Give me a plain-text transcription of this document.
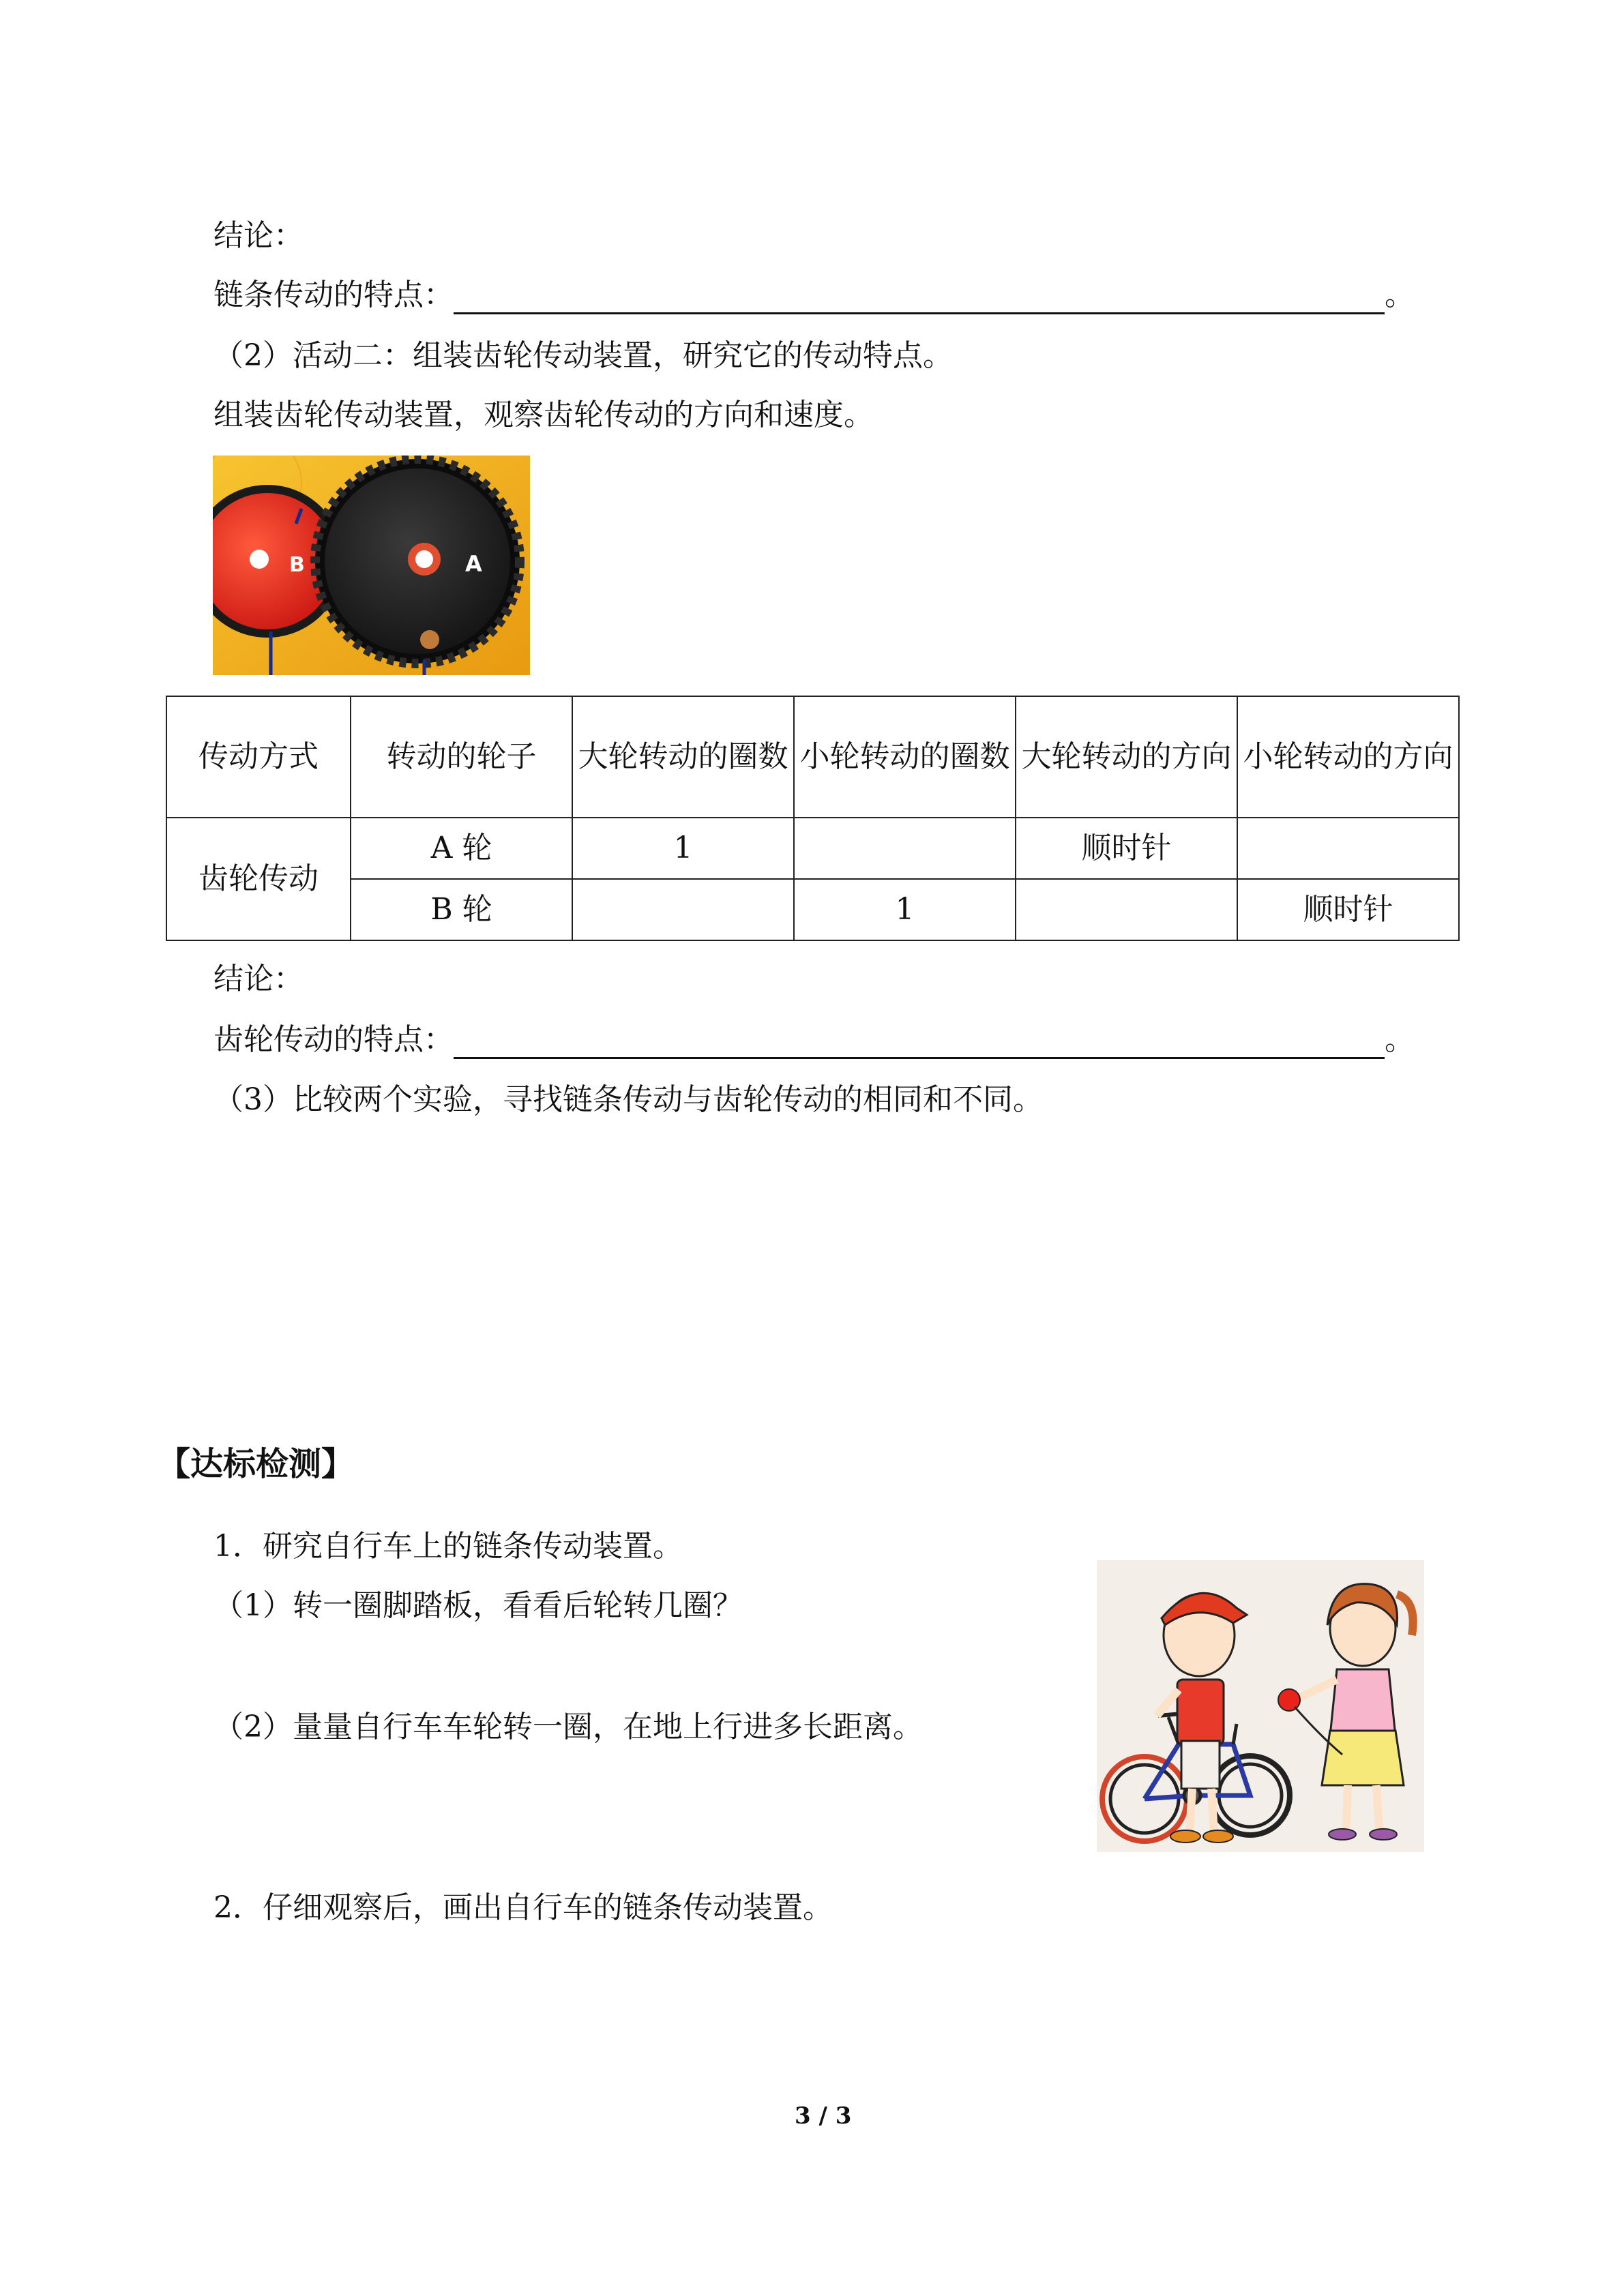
结论：
链条传动的特点：	。
（2）活动二：组装齿轮传动装置，研究它的传动特点。
组装齿轮传动装置，观察齿轮传动的方向和速度。
B	A
传动方式	转动的轮子	大轮转动的圈数	小轮转动的圈数	大轮转动的方向	小轮转动的方向
齿轮传动	A 轮	1		顺时针	
	B 轮		1		顺时针
结论：
齿轮传动的特点：	。
（3）比较两个实验，寻找链条传动与齿轮传动的相同和不同。
【达标检测】
1．研究自行车上的链条传动装置。
（1）转一圈脚踏板，看看后轮转几圈？
（2）量量自行车车轮转一圈，在地上行进多长距离。
2．仔细观察后，画出自行车的链条传动装置。
3 / 3
